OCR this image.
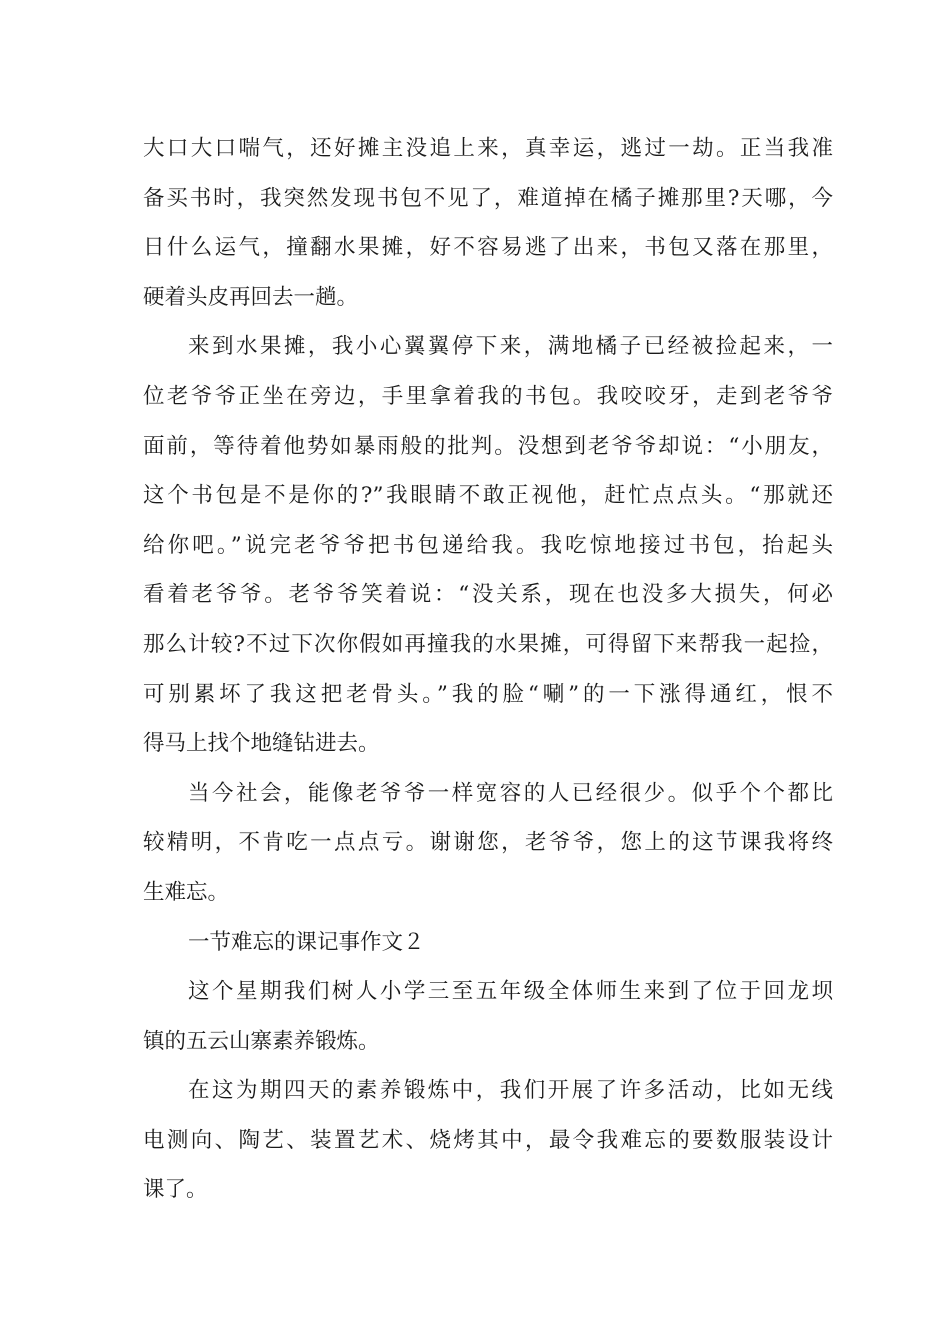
大口大口喘气，还好摊主没追上来，真幸运，逃过一劫。正当我准
备买书时，我突然发现书包不见了，难道掉在橘子摊那里?天哪，今
日什么运气，撞翻水果摊，好不容易逃了出来，书包又落在那里，
硬着头皮再回去一趟。
来到水果摊，我小心翼翼停下来，满地橘子已经被捡起来，一
位老爷爷正坐在旁边，手里拿着我的书包。我咬咬牙，走到老爷爷
面前，等待着他势如暴雨般的批判。没想到老爷爷却说：“小朋友，
这个书包是不是你的?”我眼睛不敢正视他，赶忙点点头。“那就还
给你吧。”说完老爷爷把书包递给我。我吃惊地接过书包，抬起头
看着老爷爷。老爷爷笑着说：“没关系，现在也没多大损失，何必
那么计较?不过下次你假如再撞我的水果摊，可得留下来帮我一起捡，
可别累坏了我这把老骨头。”我的脸“唰”的一下涨得通红，恨不
得马上找个地缝钻进去。
当今社会，能像老爷爷一样宽容的人已经很少。似乎个个都比
较精明，不肯吃一点点亏。谢谢您，老爷爷，您上的这节课我将终
生难忘。
一节难忘的课记事作文２
这个星期我们树人小学三至五年级全体师生来到了位于回龙坝
镇的五云山寨素养锻炼。
在这为期四天的素养锻炼中，我们开展了许多活动，比如无线
电测向、陶艺、装置艺术、烧烤其中，最令我难忘的要数服装设计
课了。
